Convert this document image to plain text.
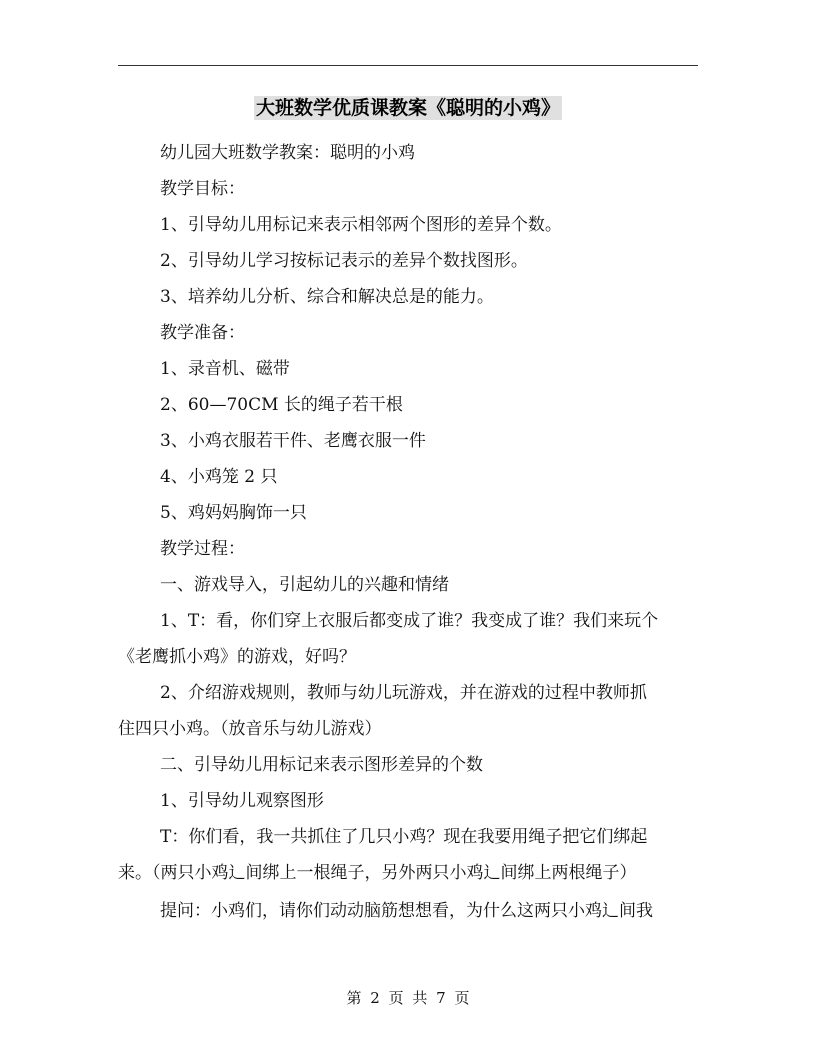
大班数学优质课教案《聪明的小鸡》
幼儿园大班数学教案：聪明的小鸡
教学目标：
1、引导幼儿用标记来表示相邻两个图形的差异个数。
2、引导幼儿学习按标记表示的差异个数找图形。
3、培养幼儿分析、综合和解决总是的能力。
教学准备：
1、录音机、磁带
2、60—70CM 长的绳子若干根
3、小鸡衣服若干件、老鹰衣服一件
4、小鸡笼 2 只
5、鸡妈妈胸饰一只
教学过程：
一、游戏导入，引起幼儿的兴趣和情绪
1、T：看，你们穿上衣服后都变成了谁？我变成了谁？我们来玩个
《老鹰抓小鸡》的游戏，好吗？
2、介绍游戏规则，教师与幼儿玩游戏，并在游戏的过程中教师抓
住四只小鸡。（放音乐与幼儿游戏）
二、引导幼儿用标记来表示图形差异的个数
1、引导幼儿观察图形
T：你们看，我一共抓住了几只小鸡？现在我要用绳子把它们绑起
来。（两只小鸡辶间绑上一根绳子，另外两只小鸡辶间绑上两根绳子）
提问：小鸡们，请你们动动脑筋想想看，为什么这两只小鸡辶间我
第 2 页 共 7 页
